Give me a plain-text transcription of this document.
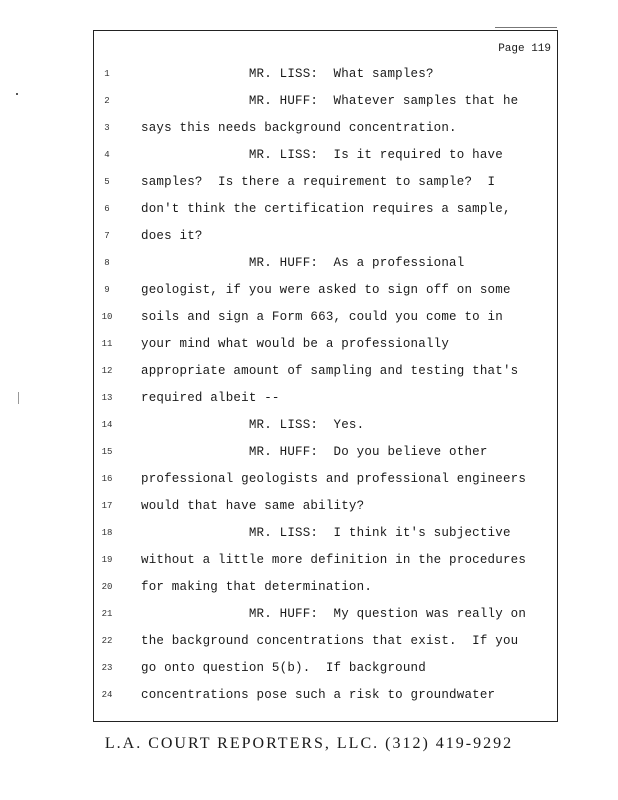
Page 119
1	MR. LISS:  What samples?
2	MR. HUFF:  Whatever samples that he
3	says this needs background concentration.
4	MR. LISS:  Is it required to have
5	samples?  Is there a requirement to sample?  I
6	don't think the certification requires a sample,
7	does it?
8	MR. HUFF:  As a professional
9	geologist, if you were asked to sign off on some
10	soils and sign a Form 663, could you come to in
11	your mind what would be a professionally
12	appropriate amount of sampling and testing that's
13	required albeit --
14	MR. LISS:  Yes.
15	MR. HUFF:  Do you believe other
16	professional geologists and professional engineers
17	would that have same ability?
18	MR. LISS:  I think it's subjective
19	without a little more definition in the procedures
20	for making that determination.
21	MR. HUFF:  My question was really on
22	the background concentrations that exist.  If you
23	go onto question 5(b).  If background
24	concentrations pose such a risk to groundwater
L.A. COURT REPORTERS, LLC. (312) 419-9292
